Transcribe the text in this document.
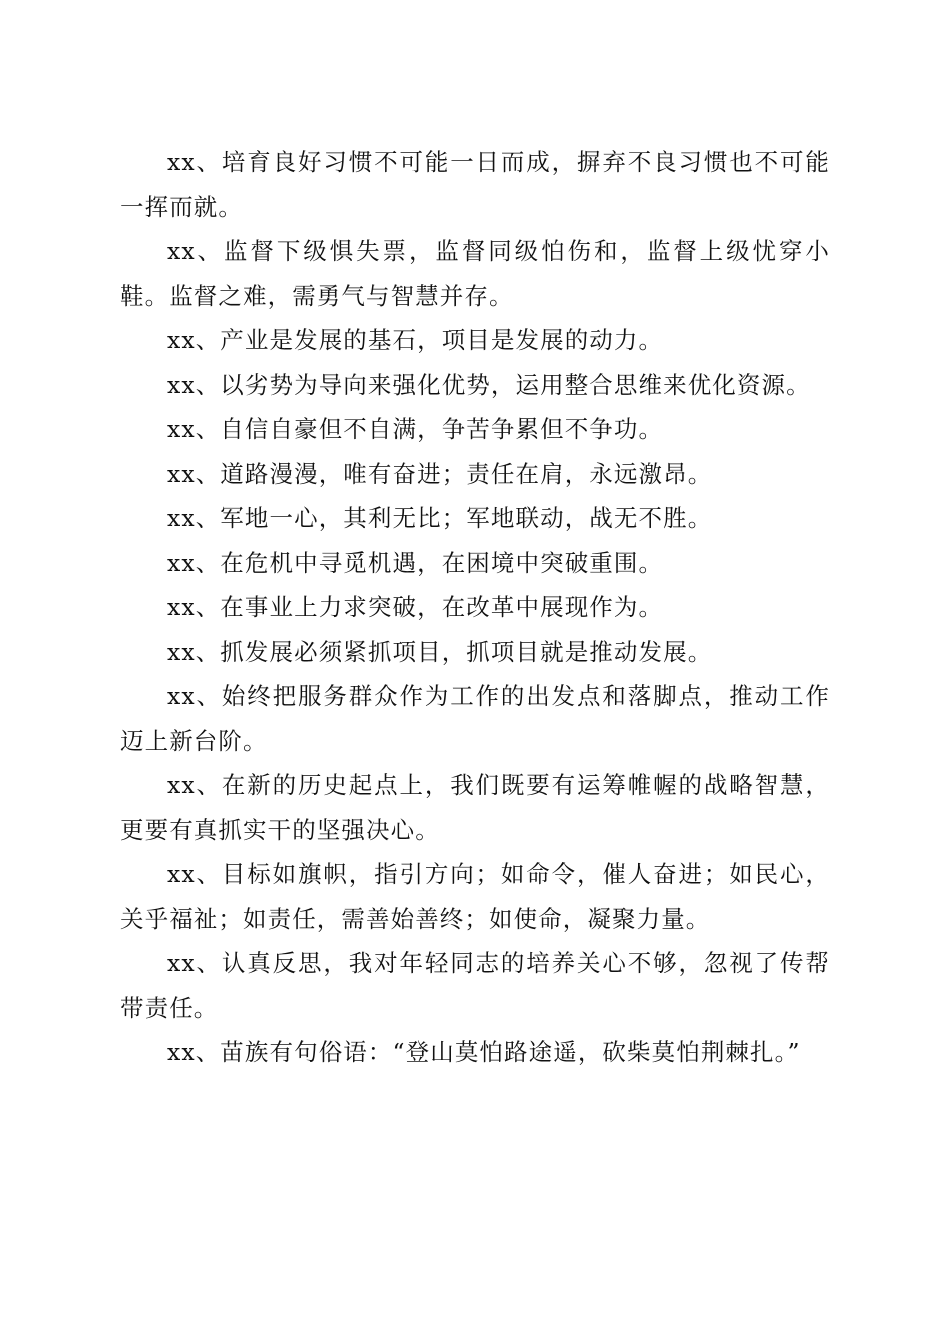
xx、培育良好习惯不可能一日而成，摒弃不良习惯也不可能一挥而就。

xx、监督下级惧失票，监督同级怕伤和，监督上级忧穿小鞋。监督之难，需勇气与智慧并存。

xx、产业是发展的基石，项目是发展的动力。

xx、以劣势为导向来强化优势，运用整合思维来优化资源。

xx、自信自豪但不自满，争苦争累但不争功。

xx、道路漫漫，唯有奋进；责任在肩，永远激昂。

xx、军地一心，其利无比；军地联动，战无不胜。

xx、在危机中寻觅机遇，在困境中突破重围。

xx、在事业上力求突破，在改革中展现作为。

xx、抓发展必须紧抓项目，抓项目就是推动发展。

xx、始终把服务群众作为工作的出发点和落脚点，推动工作迈上新台阶。

xx、在新的历史起点上，我们既要有运筹帷幄的战略智慧，更要有真抓实干的坚强决心。

xx、目标如旗帜，指引方向；如命令，催人奋进；如民心，关乎福祉；如责任，需善始善终；如使命，凝聚力量。

xx、认真反思，我对年轻同志的培养关心不够，忽视了传帮带责任。

xx、苗族有句俗语：“登山莫怕路途遥，砍柴莫怕荆棘扎。”
